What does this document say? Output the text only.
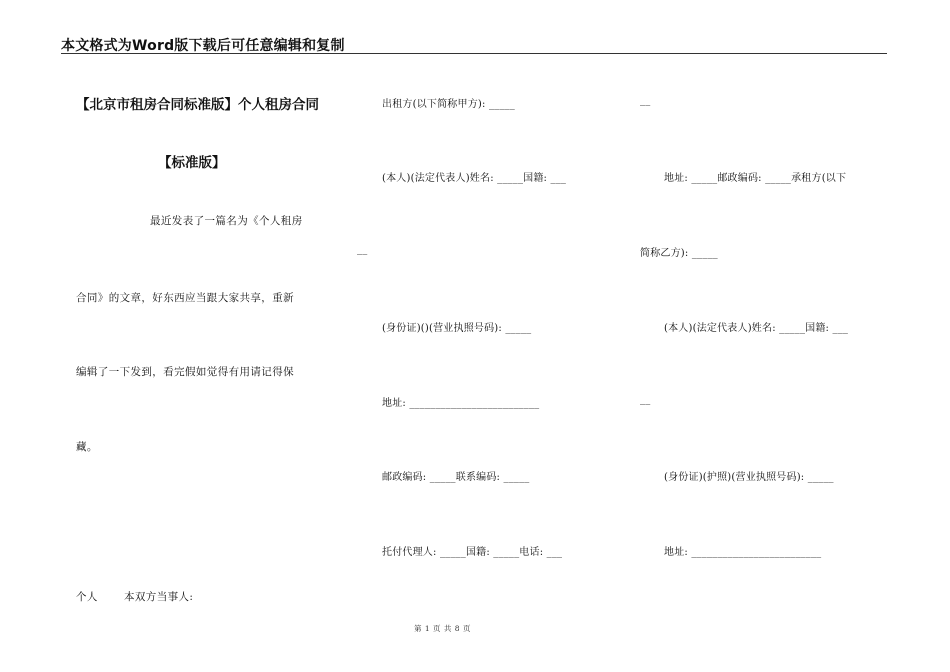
本文格式为Word版下载后可任意编辑和复制
【北京市租房合同标准版】个人租房合同
【标准版】
最近发表了一篇名为《个人租房
合同》的文章，好东西应当跟大家共享，重新
编辑了一下发到，看完假如觉得有用请记得保
藏。
个人 本双方当事人:
出租方(以下简称甲方): _____
(本人)(法定代表人)姓名: _____国籍: ___
__
(身份证)()(营业执照号码): _____
地址: _________________________
邮政编码: _____联系编码: _____
托付代理人: _____国籍: _____电话: ___
__
地址: _____邮政编码: _____承租方(以下
简称乙方): _____
(本人)(法定代表人)姓名: _____国籍: ___
__
(身份证)(护照)(营业执照号码): _____
地址: _________________________
第 1 页 共 8 页
